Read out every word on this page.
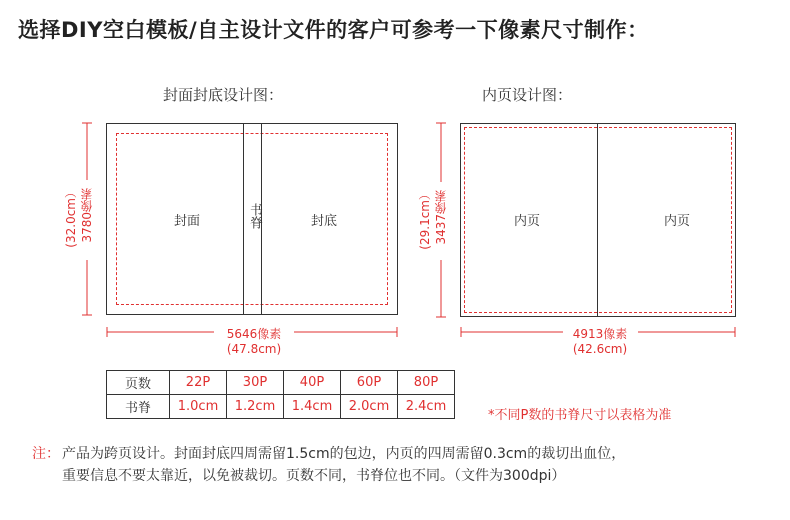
选择DIY空白模板/自主设计文件的客户可参考一下像素尺寸制作：
封面封底设计图：
封面	书脊	封底
3780像素
(32.0cm）
5646像素
(47.8cm)
内页设计图：
内页	内页
3437像素
(29.1cm）
4913像素
(42.6cm)
页数	22P	30P	40P	60P	80P
书脊	1.0cm	1.2cm	1.4cm	2.0cm	2.4cm
*不同P数的书脊尺寸以表格为准
注： 产品为跨页设计。封面封底四周需留1.5cm的包边，内页的四周需留0.3cm的裁切出血位，
重要信息不要太靠近，以免被裁切。页数不同，书脊位也不同。（文件为300dpi）
